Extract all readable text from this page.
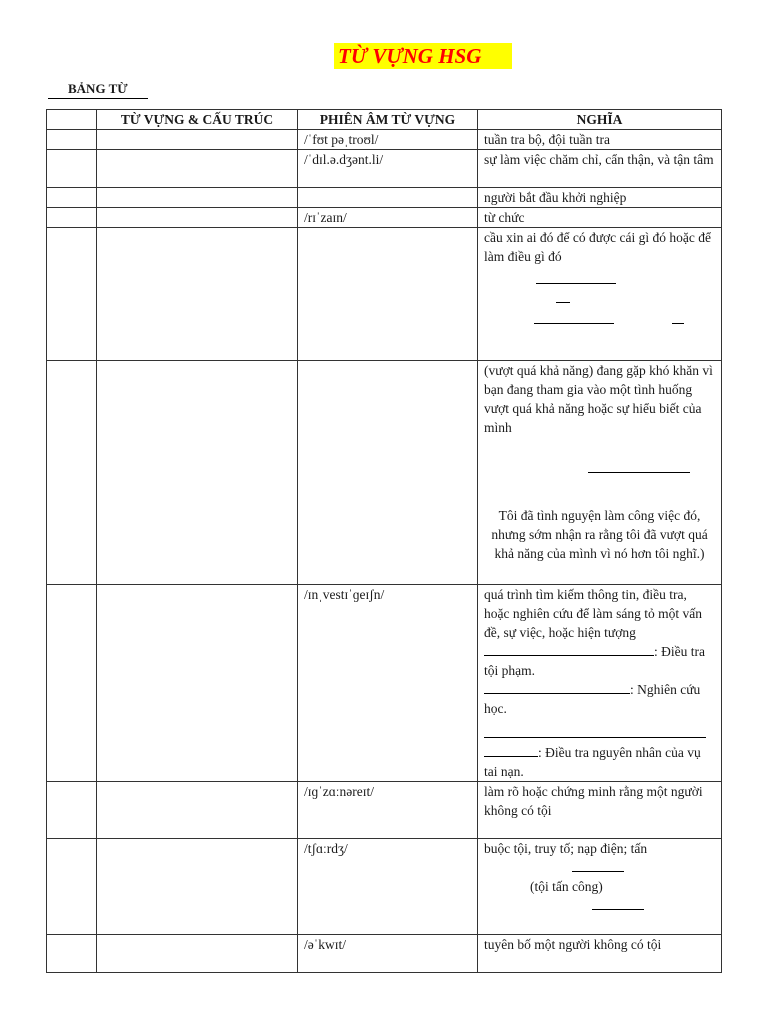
TỪ VỰNG HSG
BẢNG TỪ
	TỪ VỰNG & CẤU TRÚC	PHIÊN ÂM TỪ VỰNG	NGHĨA
		/ˈfʊt pəˌtroʊl/	tuần tra bộ, đội tuần tra
		/ˈdɪl.ə.dʒənt.li/	sự làm việc chăm chỉ, cẩn thận, và tận tâm
			người bắt đầu khởi nghiệp
		/rɪˈzaɪn/	từ chức

			cầu xin ai đó để có được cái gì đó hoặc để làm điều gì đó

			(vượt quá khả năng) đang gặp khó khăn vì bạn đang tham gia vào một tình huống vượt quá khả năng hoặc sự hiểu biết của mình
Tôi đã tình nguyện làm công việc đó, nhưng sớm nhận ra rằng tôi đã vượt quá khả năng của mình vì nó hơn tôi nghĩ.)

		/ɪnˌvestɪˈɡeɪʃn/	quá trình tìm kiếm thông tin, điều tra, hoặc nghiên cứu để làm sáng tỏ một vấn đề, sự việc, hoặc hiện tượng
: Điều tra tội phạm.
: Nghiên cứu học.
: Điều tra nguyên nhân của vụ tai nạn.

		/ɪɡˈzɑːnəreɪt/	làm rõ hoặc chứng minh rằng một người không có tội
		/tʃɑːrdʒ/	buộc tội, truy tố; nạp điện; tấn
(tội tấn công)

		/əˈkwɪt/	tuyên bố một người không có tội
